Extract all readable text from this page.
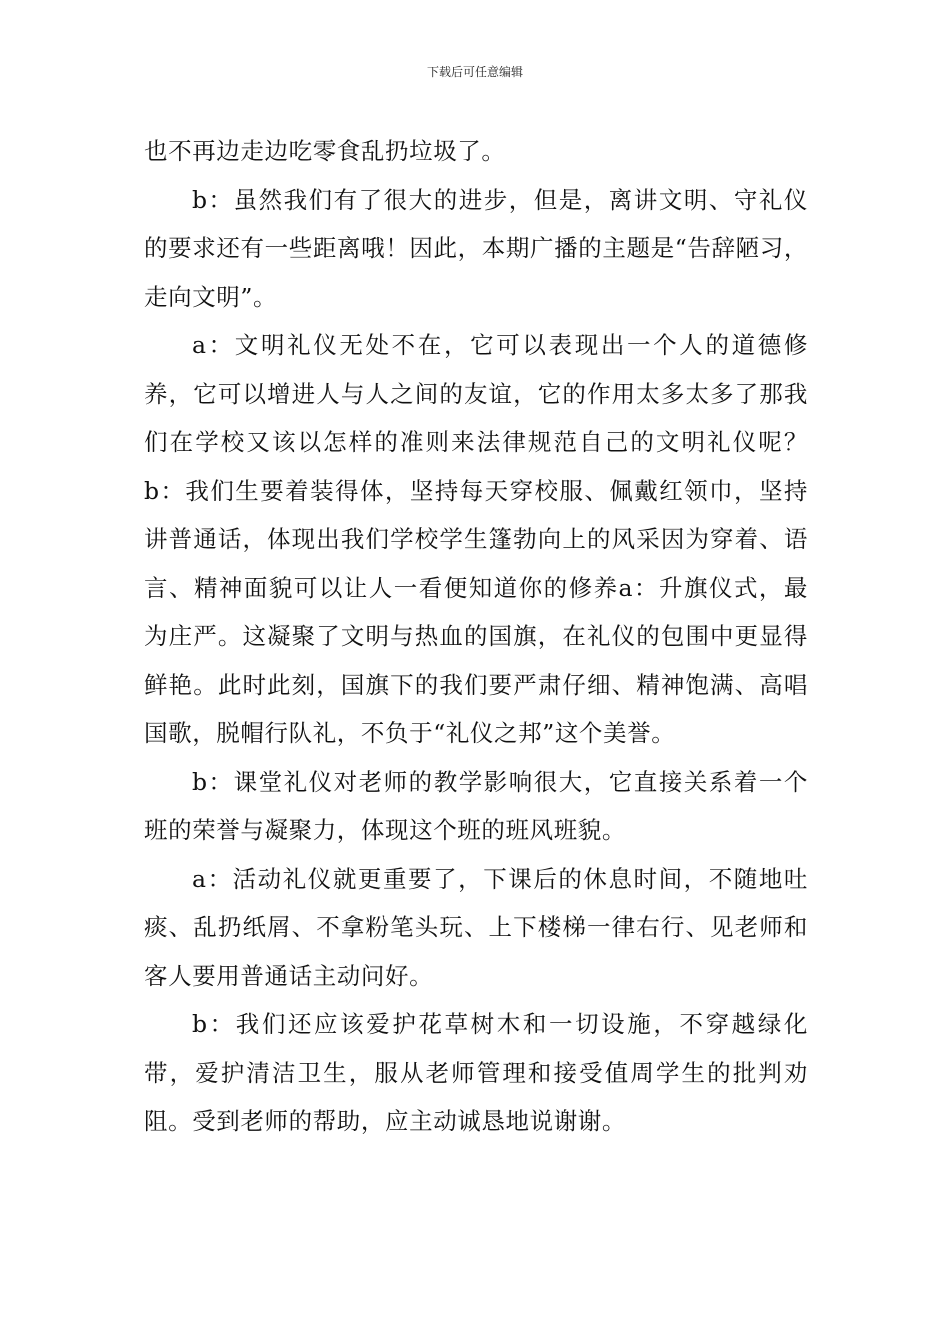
下载后可任意编辑

也不再边走边吃零食乱扔垃圾了。

b：虽然我们有了很大的进步，但是，离讲文明、守礼仪的要求还有一些距离哦！因此，本期广播的主题是“告辞陋习，走向文明”。

a：文明礼仪无处不在，它可以表现出一个人的道德修养，它可以增进人与人之间的友谊，它的作用太多太多了那我们在学校又该以怎样的准则来法律规范自己的文明礼仪呢？b：我们生要着装得体，坚持每天穿校服、佩戴红领巾，坚持讲普通话，体现出我们学校学生篷勃向上的风采因为穿着、语言、精神面貌可以让人一看便知道你的修养a：升旗仪式，最为庄严。这凝聚了文明与热血的国旗，在礼仪的包围中更显得鲜艳。此时此刻，国旗下的我们要严肃仔细、精神饱满、高唱国歌，脱帽行队礼，不负于“礼仪之邦”这个美誉。

b：课堂礼仪对老师的教学影响很大，它直接关系着一个班的荣誉与凝聚力，体现这个班的班风班貌。

a：活动礼仪就更重要了，下课后的休息时间，不随地吐痰、乱扔纸屑、不拿粉笔头玩、上下楼梯一律右行、见老师和客人要用普通话主动问好。

b：我们还应该爱护花草树木和一切设施，不穿越绿化带，爱护清洁卫生，服从老师管理和接受值周学生的批判劝阻。受到老师的帮助，应主动诚恳地说谢谢。
